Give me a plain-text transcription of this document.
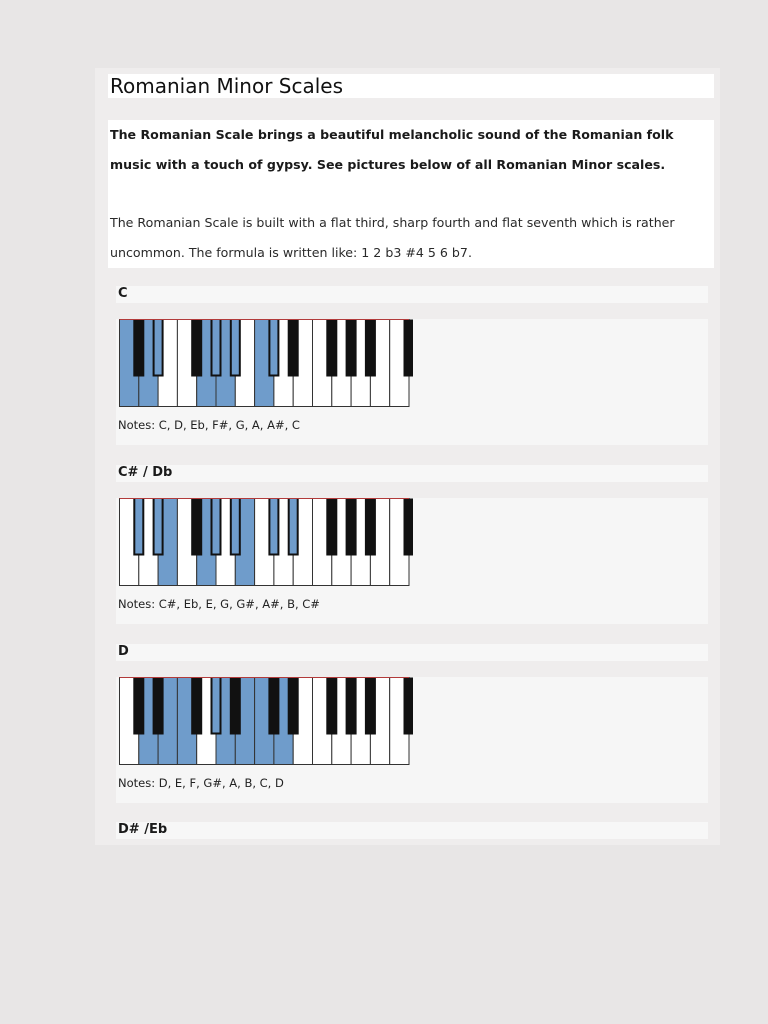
Romanian Minor Scales

The Romanian Scale brings a beautiful melancholic sound of the Romanian folk music with a touch of gypsy. See pictures below of all Romanian Minor scales.

The Romanian Scale is built with a flat third, sharp fourth and flat seventh which is rather uncommon. The formula is written like: 1 2 b3 #4 5 6 b7.

C
Notes: C, D, Eb, F#, G, A, A#, C
C# / Db
Notes: C#, Eb, E, G, G#, A#, B, C#
D
Notes: D, E, F, G#, A, B, C, D
D# /Eb
